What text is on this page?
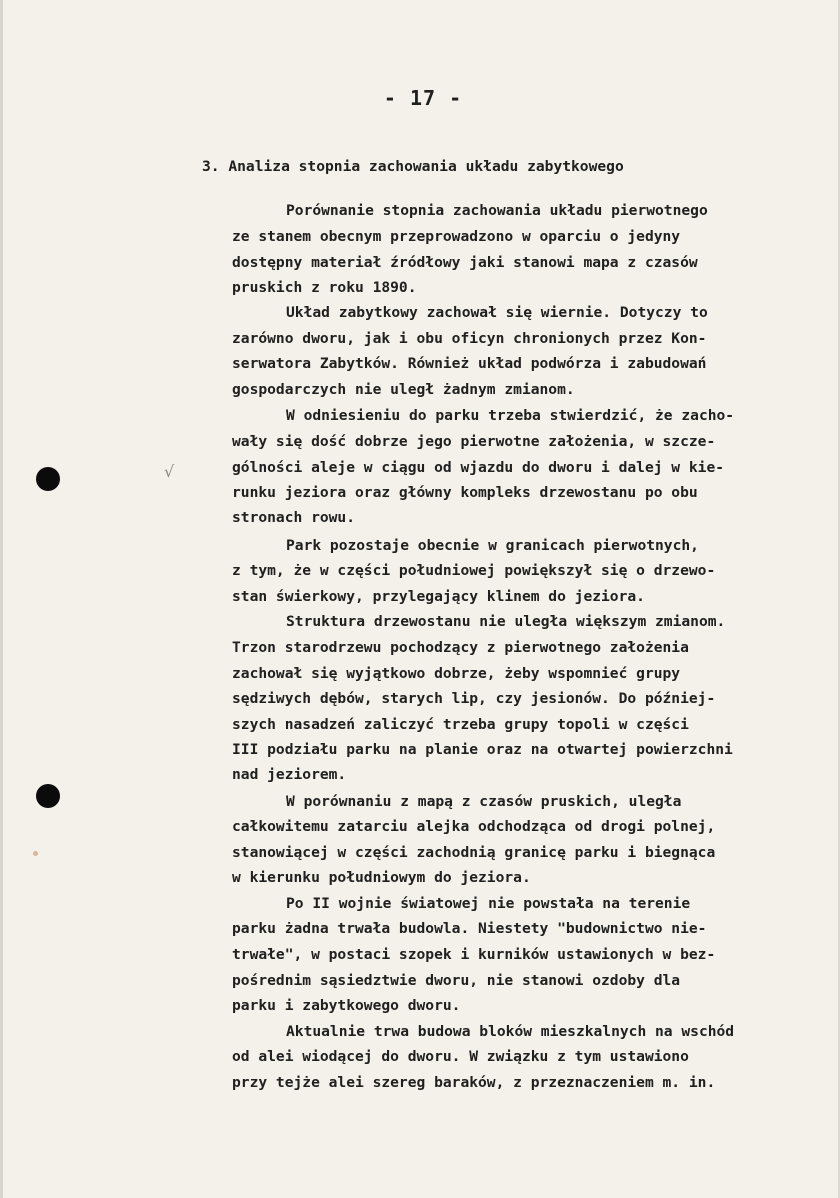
√
- 17 -
3. Analiza stopnia zachowania układu zabytkowego
Porównanie stopnia zachowania układu pierwotnego
ze stanem obecnym przeprowadzono w oparciu o jedyny
dostępny materiał źródłowy jaki stanowi mapa z czasów
pruskich z roku 1890.
Układ zabytkowy zachował się wiernie. Dotyczy to
zarówno dworu, jak i obu oficyn chronionych przez Kon-
serwatora Zabytków. Również układ podwórza i zabudowań
gospodarczych nie uległ żadnym zmianom.
W odniesieniu do parku trzeba stwierdzić, że zacho-
wały się dość dobrze jego pierwotne założenia, w szcze-
gólności aleje w ciągu od wjazdu do dworu i dalej w kie-
runku jeziora oraz główny kompleks drzewostanu po obu
stronach rowu.
Park pozostaje obecnie w granicach pierwotnych,
z tym, że w części południowej powiększył się o drzewo-
stan świerkowy, przylegający klinem do jeziora.
Struktura drzewostanu nie uległa większym zmianom.
Trzon starodrzewu pochodzący z pierwotnego założenia
zachował się wyjątkowo dobrze, żeby wspomnieć grupy
sędziwych dębów, starych lip, czy jesionów. Do później-
szych nasadzeń zaliczyć trzeba grupy topoli w części
III podziału parku na planie oraz na otwartej powierzchni
nad jeziorem.
W porównaniu z mapą z czasów pruskich, uległa
całkowitemu zatarciu alejka odchodząca od drogi polnej,
stanowiącej w części zachodnią granicę parku i biegnąca
w kierunku południowym do jeziora.
Po II wojnie światowej nie powstała na terenie
parku żadna trwała budowla. Niestety "budownictwo nie-
trwałe", w postaci szopek i kurników ustawionych w bez-
pośrednim sąsiedztwie dworu, nie stanowi ozdoby dla
parku i zabytkowego dworu.
Aktualnie trwa budowa bloków mieszkalnych na wschód
od alei wiodącej do dworu. W związku z tym ustawiono
przy tejże alei szereg baraków, z przeznaczeniem m. in.
